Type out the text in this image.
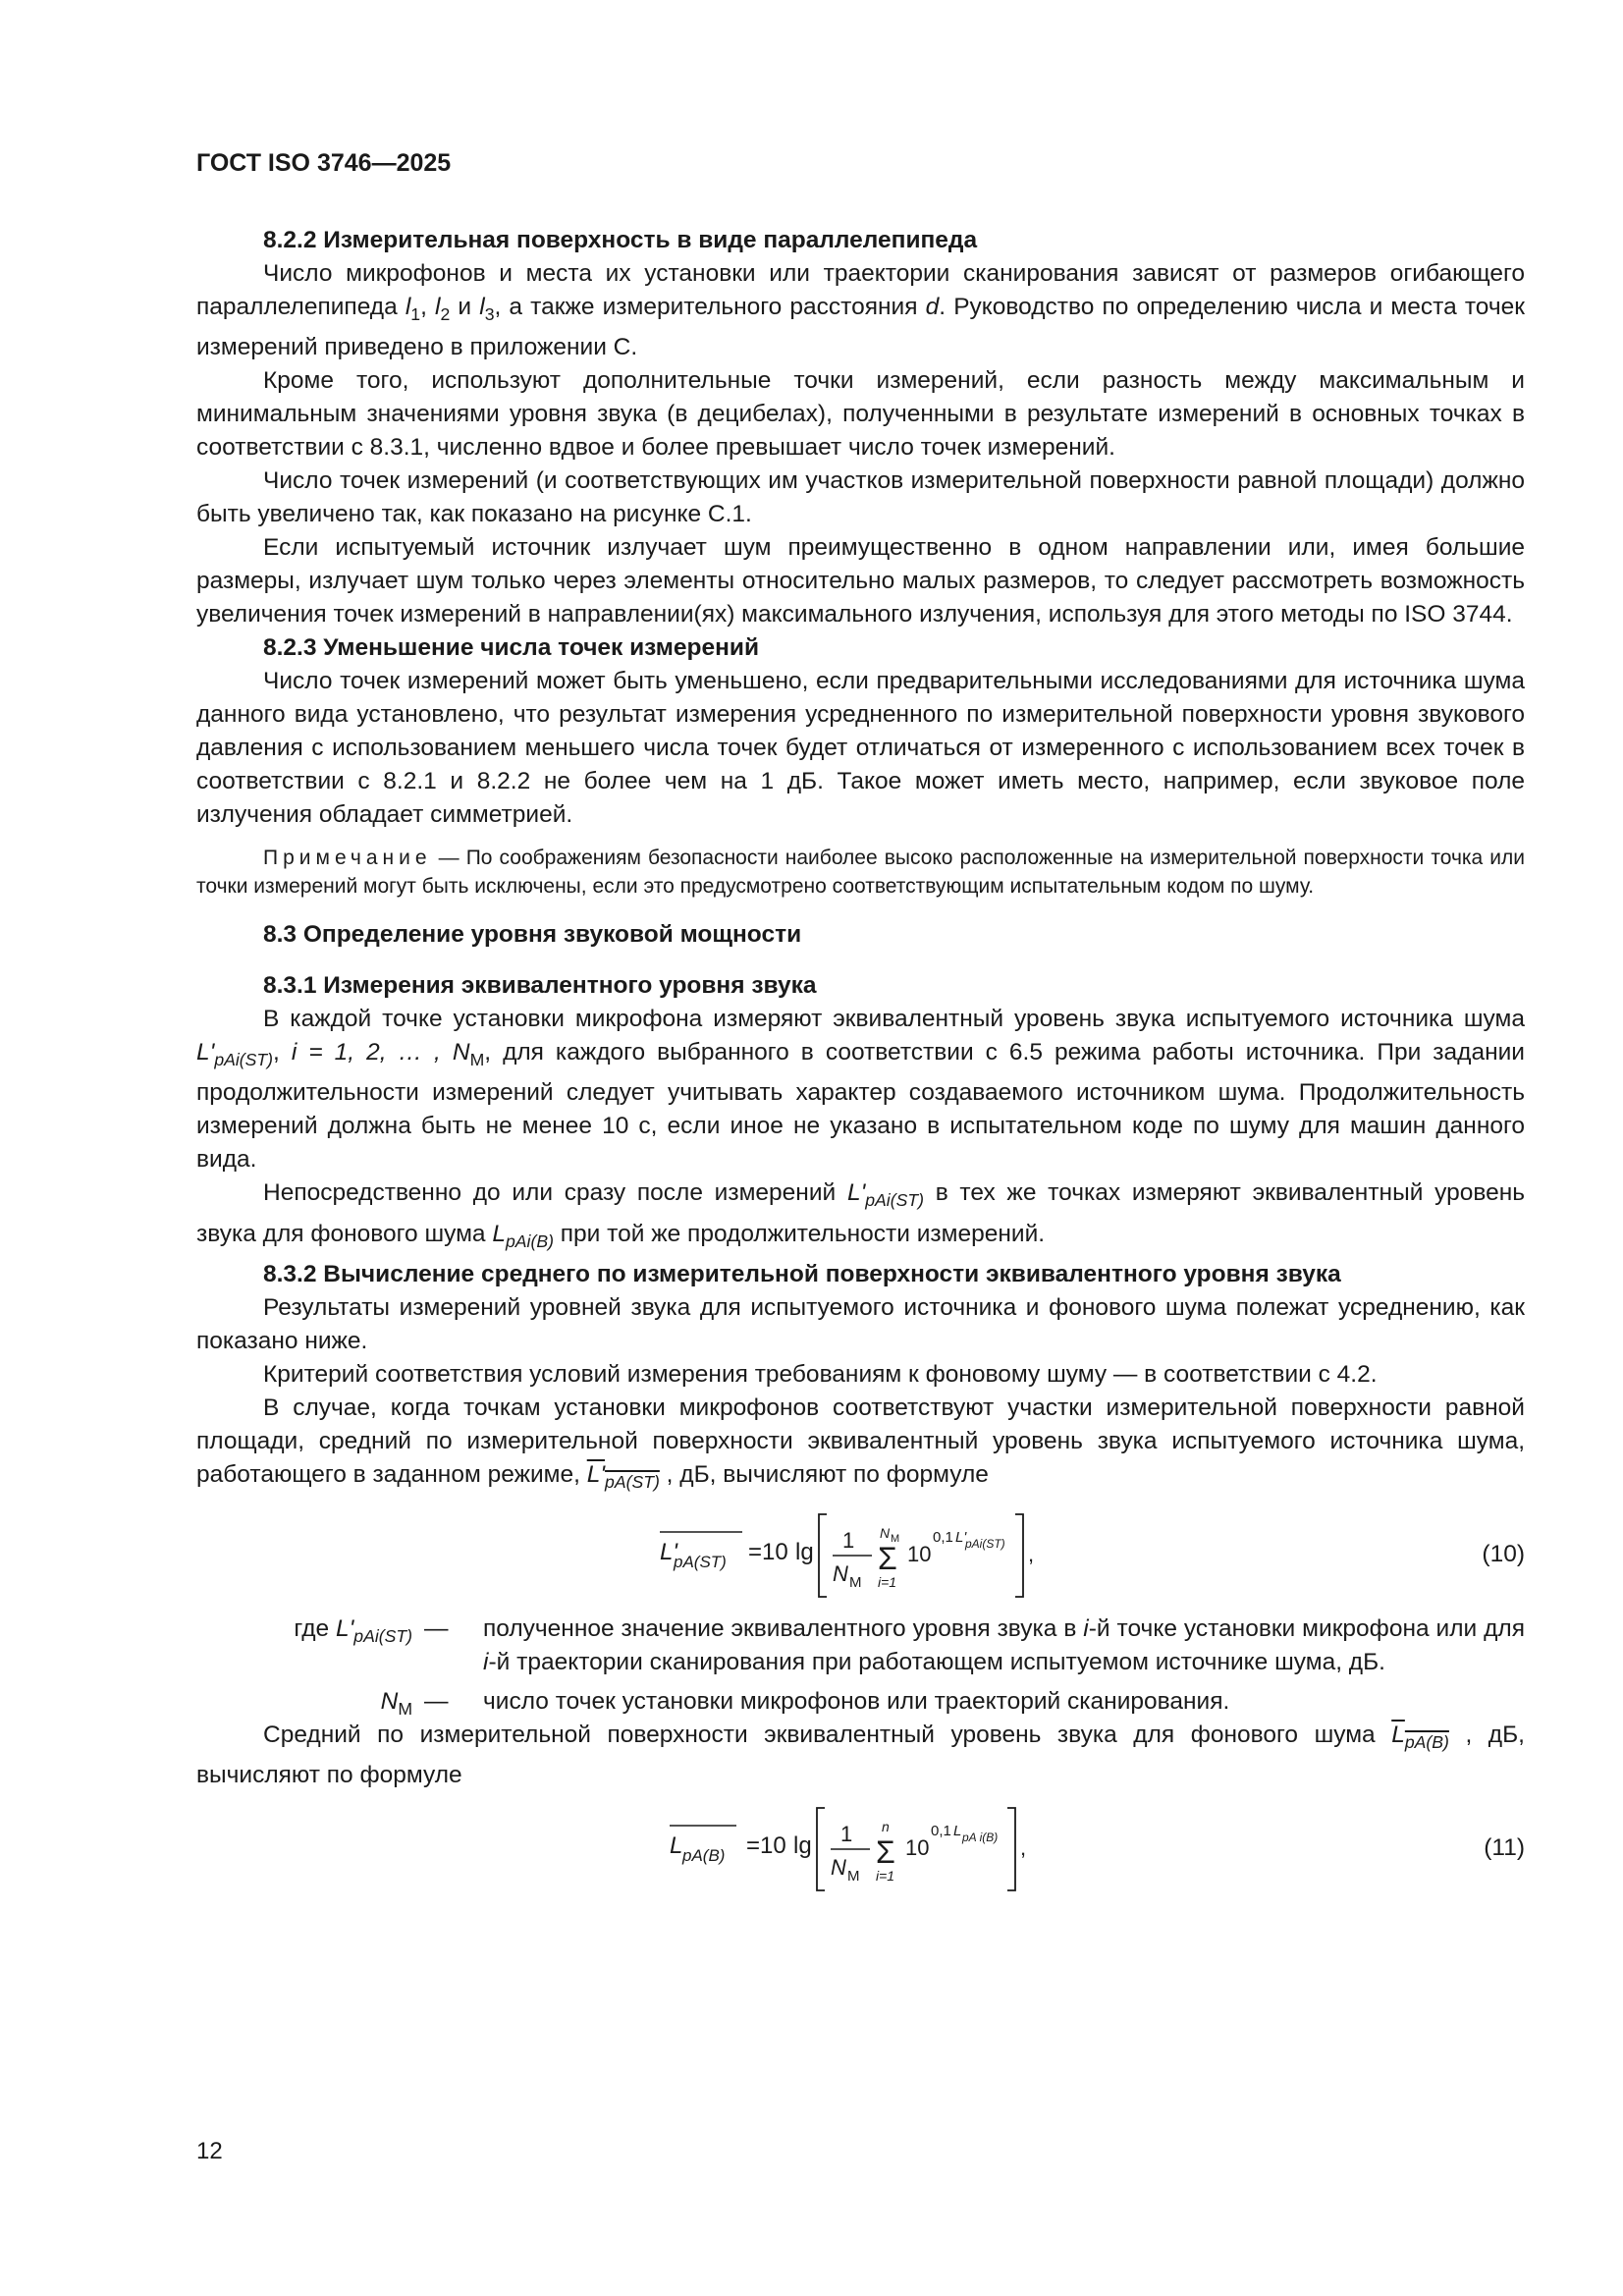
ГОСТ ISO 3746—2025
8.2.2 Измерительная поверхность в виде параллелепипеда
Число микрофонов и места их установки или траектории сканирования зависят от размеров огибающего параллелепипеда $l_1$, $l_2$ и $l_3$, а также измерительного расстояния d. Руководство по определению числа и места точек измерений приведено в приложении С.
Кроме того, используют дополнительные точки измерений, если разность между максимальным и минимальным значениями уровня звука (в децибелах), полученными в результате измерений в основных точках в соответствии с 8.3.1, численно вдвое и более превышает число точек измерений.
Число точек измерений (и соответствующих им участков измерительной поверхности равной площади) должно быть увеличено так, как показано на рисунке С.1.
Если испытуемый источник излучает шум преимущественно в одном направлении или, имея большие размеры, излучает шум только через элементы относительно малых размеров, то следует рассмотреть возможность увеличения точек измерений в направлении(ях) максимального излучения, используя для этого методы по ISO 3744.
8.2.3 Уменьшение числа точек измерений
Число точек измерений может быть уменьшено, если предварительными исследованиями для источника шума данного вида установлено, что результат измерения усредненного по измерительной поверхности уровня звукового давления с использованием меньшего числа точек будет отличаться от измеренного с использованием всех точек в соответствии с 8.2.1 и 8.2.2 не более чем на 1 дБ. Такое может иметь место, например, если звуковое поле излучения обладает симметрией.
Примечание — По соображениям безопасности наиболее высоко расположенные на измерительной поверхности точка или точки измерений могут быть исключены, если это предусмотрено соответствующим испытательным кодом по шуму.
8.3 Определение уровня звуковой мощности
8.3.1 Измерения эквивалентного уровня звука
В каждой точке установки микрофона измеряют эквивалентный уровень звука испытуемого источника шума $L'_{pAi(ST)}$, i = 1, 2, … , $N_M$, для каждого выбранного в соответствии с 6.5 режима работы источника. При задании продолжительности измерений следует учитывать характер создаваемого источником шума. Продолжительность измерений должна быть не менее 10 с, если иное не указано в испытательном коде по шуму для машин данного вида.
Непосредственно до или сразу после измерений $L'_{pAi(ST)}$ в тех же точках измеряют эквивалентный уровень звука для фонового шума $L_{pAi(B)}$ при той же продолжительности измерений.
8.3.2 Вычисление среднего по измерительной поверхности эквивалентного уровня звука
Результаты измерений уровней звука для испытуемого источника и фонового шума полежат усреднению, как показано ниже.
Критерий соответствия условий измерения требованиям к фоновому шуму — в соответствии с 4.2.
В случае, когда точкам установки микрофонов соответствуют участки измерительной поверхности равной площади, средний по измерительной поверхности эквивалентный уровень звука испытуемого источника шума, работающего в заданном режиме, $L'_{pA(ST)}$ , дБ, вычисляют по формуле
L'
pA(ST) =10 lg 1
N M
N M
Σ
i=1
10
0,1 L'
pAi(ST) ,	(10)
где $L'_{pAi(ST)}$ — полученное значение эквивалентного уровня звука в i-й точке установки микрофона или для i-й траектории сканирования при работающем испытуемом источнике шума, дБ.
$N_M$ — число точек установки микрофонов или траекторий сканирования.
Средний по измерительной поверхности эквивалентный уровень звука для фонового шума $L_{pA(B)}$ , дБ, вычисляют по формуле
L pA(B) =10 lg 1
N M
n
Σ
i=1
10
0,1 L pA i(B) ,	(11)
12
